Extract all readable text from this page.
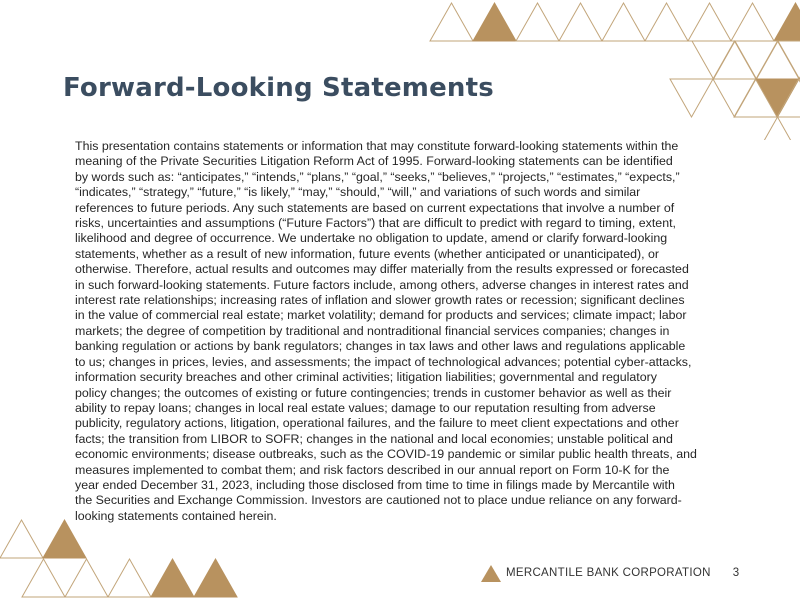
Forward-Looking Statements
This presentation contains statements or information that may constitute forward-looking statements within the
meaning of the Private Securities Litigation Reform Act of 1995. Forward-looking statements can be identified
by words such as: “anticipates,” “intends,” “plans,” “goal,” “seeks,” “believes,” “projects,” “estimates,” “expects,”
“indicates,” “strategy,” “future,” “is likely,” “may,” “should,” “will,” and variations of such words and similar
references to future periods. Any such statements are based on current expectations that involve a number of
risks, uncertainties and assumptions (“Future Factors”) that are difficult to predict with regard to timing, extent,
likelihood and degree of occurrence. We undertake no obligation to update, amend or clarify forward-looking
statements, whether as a result of new information, future events (whether anticipated or unanticipated), or
otherwise. Therefore, actual results and outcomes may differ materially from the results expressed or forecasted
in such forward-looking statements. Future factors include, among others, adverse changes in interest rates and
interest rate relationships; increasing rates of inflation and slower growth rates or recession; significant declines
in the value of commercial real estate; market volatility; demand for products and services; climate impact; labor
markets; the degree of competition by traditional and nontraditional financial services companies; changes in
banking regulation or actions by bank regulators; changes in tax laws and other laws and regulations applicable
to us; changes in prices, levies, and assessments; the impact of technological advances; potential cyber-attacks,
information security breaches and other criminal activities; litigation liabilities; governmental and regulatory
policy changes; the outcomes of existing or future contingencies; trends in customer behavior as well as their
ability to repay loans; changes in local real estate values; damage to our reputation resulting from adverse
publicity, regulatory actions, litigation, operational failures, and the failure to meet client expectations and other
facts; the transition from LIBOR to SOFR; changes in the national and local economies; unstable political and
economic environments; disease outbreaks, such as the COVID-19 pandemic or similar public health threats, and
measures implemented to combat them; and risk factors described in our annual report on Form 10-K for the
year ended December 31, 2023, including those disclosed from time to time in filings made by Mercantile with
the Securities and Exchange Commission. Investors are cautioned not to place undue reliance on any forward-
looking statements contained herein.
MERCANTILE BANK CORPORATION 3
